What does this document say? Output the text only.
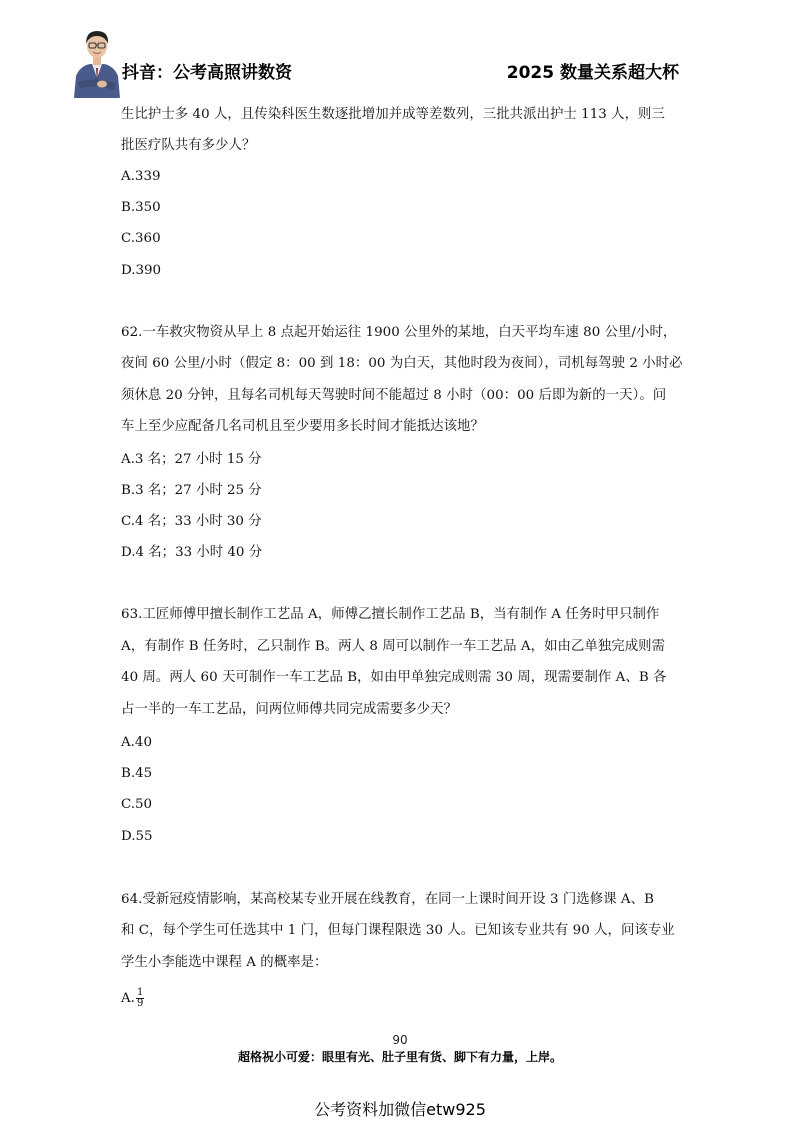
抖音：公考高照讲数资	2025 数量关系超大杯
生比护士多 40 人，且传染科医生数逐批增加并成等差数列，三批共派出护士 113 人，则三
批医疗队共有多少人？
A.339
B.350
C.360
D.390
62.一车救灾物资从早上 8 点起开始运往 1900 公里外的某地，白天平均车速 80 公里/小时，
夜间 60 公里/小时（假定 8：00 到 18：00 为白天，其他时段为夜间），司机每驾驶 2 小时必
须休息 20 分钟，且每名司机每天驾驶时间不能超过 8 小时（00：00 后即为新的一天）。问
车上至少应配备几名司机且至少要用多长时间才能抵达该地？
A.3 名；27 小时 15 分
B.3 名；27 小时 25 分
C.4 名；33 小时 30 分
D.4 名；33 小时 40 分
63.工匠师傅甲擅长制作工艺品 A，师傅乙擅长制作工艺品 B，当有制作 A 任务时甲只制作
A，有制作 B 任务时，乙只制作 B。两人 8 周可以制作一车工艺品 A，如由乙单独完成则需
40 周。两人 60 天可制作一车工艺品 B，如由甲单独完成则需 30 周，现需要制作 A、B 各
占一半的一车工艺品，问两位师傅共同完成需要多少天？
A.40
B.45
C.50
D.55
64.受新冠疫情影响，某高校某专业开展在线教育，在同一上课时间开设 3 门选修课 A、B
和 C，每个学生可任选其中 1 门，但每门课程限选 30 人。已知该专业共有 90 人，问该专业
学生小李能选中课程 A 的概率是：
A. $\frac{1}{9}$
90
超格祝小可爱：眼里有光、肚子里有货、脚下有力量，上岸。
公考资料加微信etw925
